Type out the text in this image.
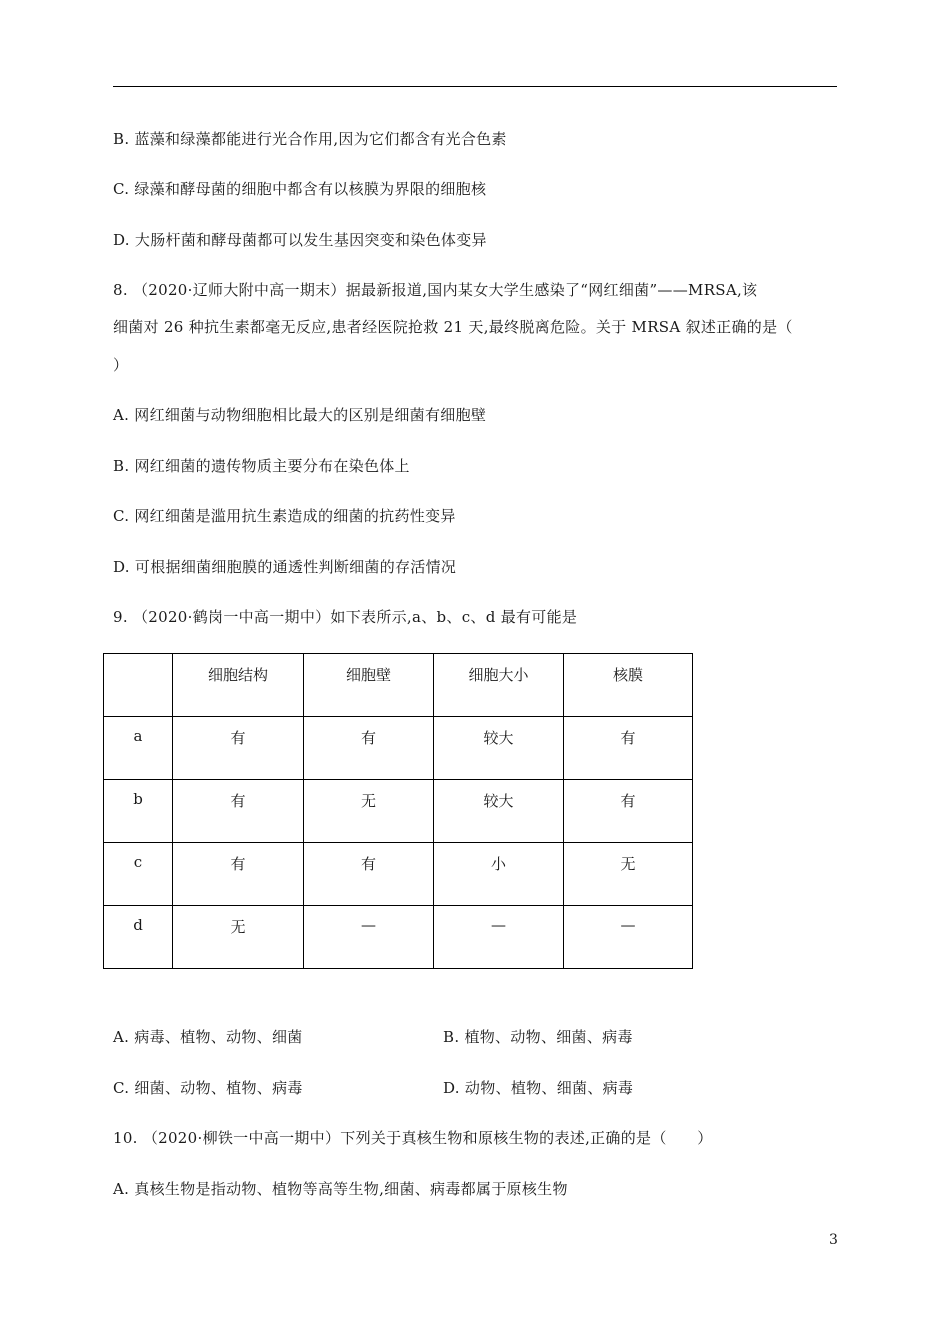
B. 蓝藻和绿藻都能进行光合作用,因为它们都含有光合色素
C. 绿藻和酵母菌的细胞中都含有以核膜为界限的细胞核
D. 大肠杆菌和酵母菌都可以发生基因突变和染色体变异
8. （2020·辽师大附中高一期末）据最新报道,国内某女大学生感染了“网红细菌”——MRSA,该
细菌对 26 种抗生素都毫无反应,患者经医院抢救 21 天,最终脱离危险。关于 MRSA 叙述正确的是（
）
A. 网红细菌与动物细胞相比最大的区别是细菌有细胞壁
B. 网红细菌的遗传物质主要分布在染色体上
C. 网红细菌是滥用抗生素造成的细菌的抗药性变异
D. 可根据细菌细胞膜的通透性判断细菌的存活情况
9. （2020·鹤岗一中高一期中）如下表所示,a、b、c、d 最有可能是
	细胞结构	细胞壁	细胞大小	核膜
a	有	有	较大	有
b	有	无	较大	有
c	有	有	小	无
d	无	—	—	—
A. 病毒、植物、动物、细菌	B. 植物、动物、细菌、病毒
C. 细菌、动物、植物、病毒	D. 动物、植物、细菌、病毒
10. （2020·柳铁一中高一期中）下列关于真核生物和原核生物的表述,正确的是（　　）
A. 真核生物是指动物、植物等高等生物,细菌、病毒都属于原核生物
3
